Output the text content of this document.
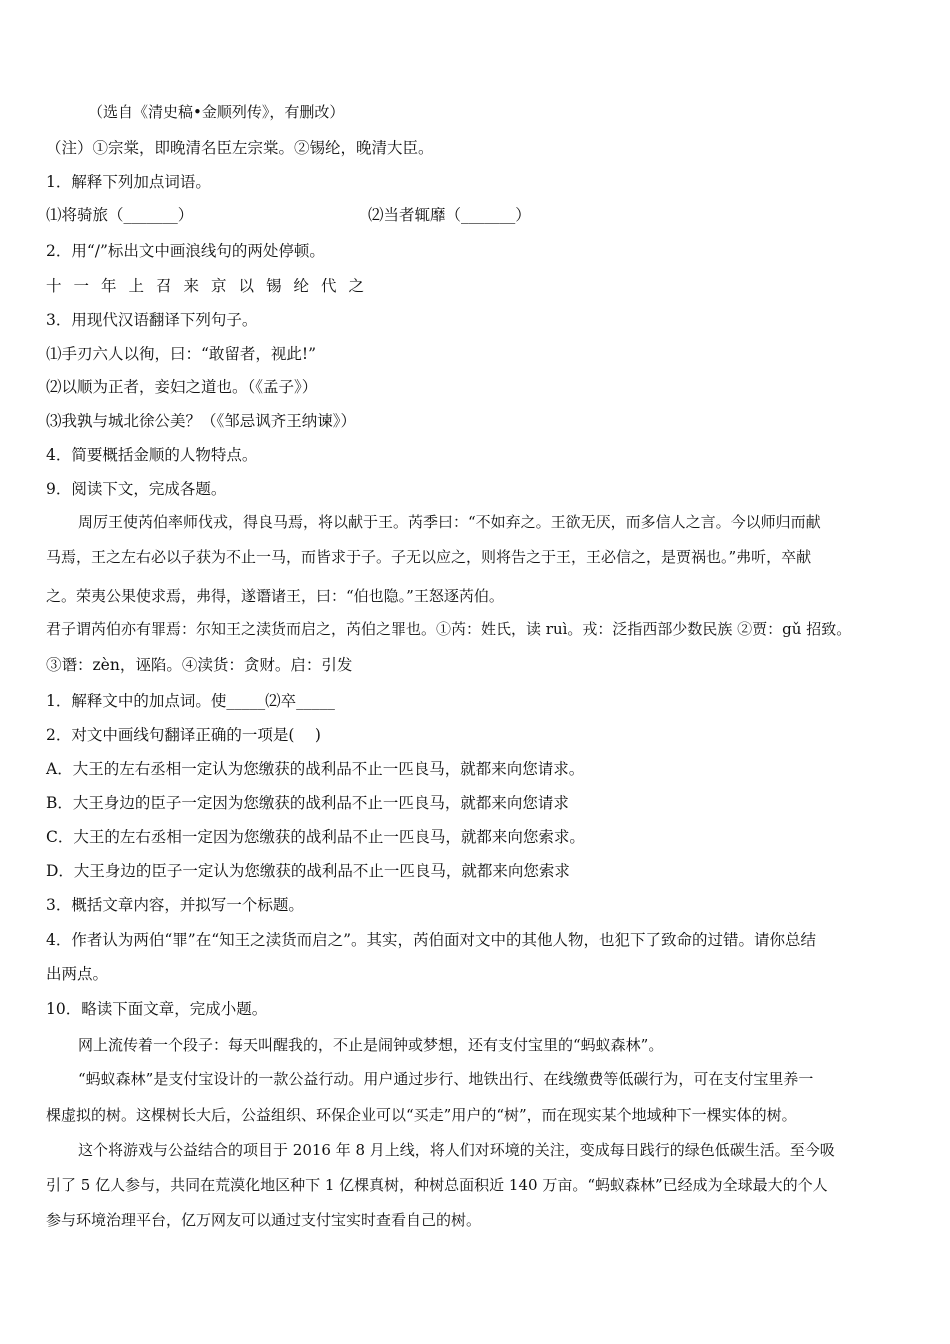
（选自《清史稿•金顺列传》，有删改）
（注）①宗棠，即晚清名臣左宗棠。②锡纶，晚清大臣。
1．解释下列加点词语。
⑴将骑旅（_______）	⑵当者辄靡（_______）
2．用“/”标出文中画浪线句的两处停顿。
十一年上召来京以锡纶代之
3．用现代汉语翻译下列句子。
⑴手刃六人以徇，曰：“敢留者，视此!”
⑵以顺为正者，妾妇之道也。（《孟子》）
⑶我孰与城北徐公美？（《邹忌讽齐王纳谏》）
4．简要概括金顺的人物特点。
9．阅读下文，完成各题。
周厉王使芮伯率师伐戎，得良马焉，将以献于王。芮季曰：“不如弃之。王欲无厌，而多信人之言。今以师归而献
马焉，王之左右必以子获为不止一马，而皆求于子。子无以应之，则将告之于王，王必信之，是贾祸也。”弗听，卒献
之。荣夷公果使求焉，弗得，遂谮诸王，曰：“伯也隐。”王怒逐芮伯。
君子谓芮伯亦有罪焉：尔知王之渎货而启之，芮伯之罪也。①芮：姓氏，读 ruì。戎：泛指西部少数民族 ②贾：gǔ 招致。
③谮：zèn，诬陷。④渎货：贪财。启：引发
1．解释文中的加点词。使_____⑵卒_____
2．对文中画线句翻译正确的一项是(　 )
A．大王的左右丞相一定认为您缴获的战利品不止一匹良马，就都来向您请求。
B．大王身边的臣子一定因为您缴获的战利品不止一匹良马，就都来向您请求
C．大王的左右丞相一定因为您缴获的战利品不止一匹良马，就都来向您索求。
D．大王身边的臣子一定认为您缴获的战利品不止一匹良马，就都来向您索求
3．概括文章内容，并拟写一个标题。
4．作者认为两伯“罪”在“知王之渎货而启之”。其实，芮伯面对文中的其他人物，也犯下了致命的过错。请你总结
出两点。
10．略读下面文章，完成小题。
网上流传着一个段子：每天叫醒我的，不止是闹钟或梦想，还有支付宝里的“蚂蚁森林”。
“蚂蚁森林”是支付宝设计的一款公益行动。用户通过步行、地铁出行、在线缴费等低碳行为，可在支付宝里养一
棵虚拟的树。这棵树长大后，公益组织、环保企业可以“买走”用户的“树”，而在现实某个地域种下一棵实体的树。
这个将游戏与公益结合的项目于 2016 年 8 月上线，将人们对环境的关注，变成每日践行的绿色低碳生活。至今吸
引了 5 亿人参与，共同在荒漠化地区种下 1 亿棵真树，种树总面积近 140 万亩。“蚂蚁森林”已经成为全球最大的个人
参与环境治理平台，亿万网友可以通过支付宝实时查看自己的树。
